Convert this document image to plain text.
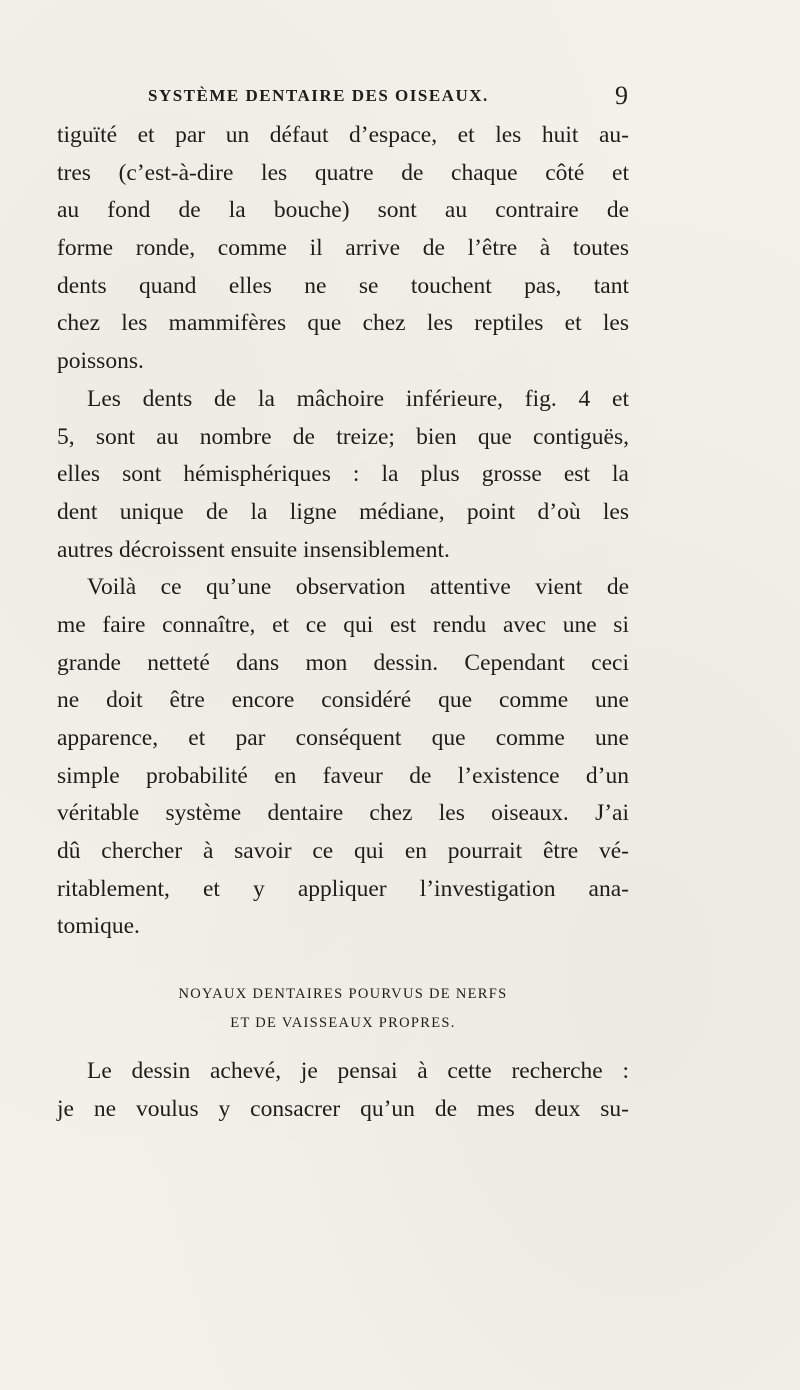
SYSTÈME DENTAIRE DES OISEAUX.	9
tiguïté et par un défaut d’espace, et les huit au-
tres (c’est-à-dire les quatre de chaque côté et
au fond de la bouche) sont au contraire de
forme ronde, comme il arrive de l’être à toutes
dents quand elles ne se touchent pas, tant
chez les mammifères que chez les reptiles et les
poissons.
Les dents de la mâchoire inférieure, fig. 4 et
5, sont au nombre de treize; bien que contiguës,
elles sont hémisphériques : la plus grosse est la
dent unique de la ligne médiane, point d’où les
autres décroissent ensuite insensiblement.
Voilà ce qu’une observation attentive vient de
me faire connaître, et ce qui est rendu avec une si
grande netteté dans mon dessin. Cependant ceci
ne doit être encore considéré que comme une
apparence, et par conséquent que comme une
simple probabilité en faveur de l’existence d’un
véritable système dentaire chez les oiseaux. J’ai
dû chercher à savoir ce qui en pourrait être vé-
ritablement, et y appliquer l’investigation ana-
tomique.
NOYAUX DENTAIRES POURVUS DE NERFS
ET DE VAISSEAUX PROPRES.
Le dessin achevé, je pensai à cette recherche :
je ne voulus y consacrer qu’un de mes deux su-
